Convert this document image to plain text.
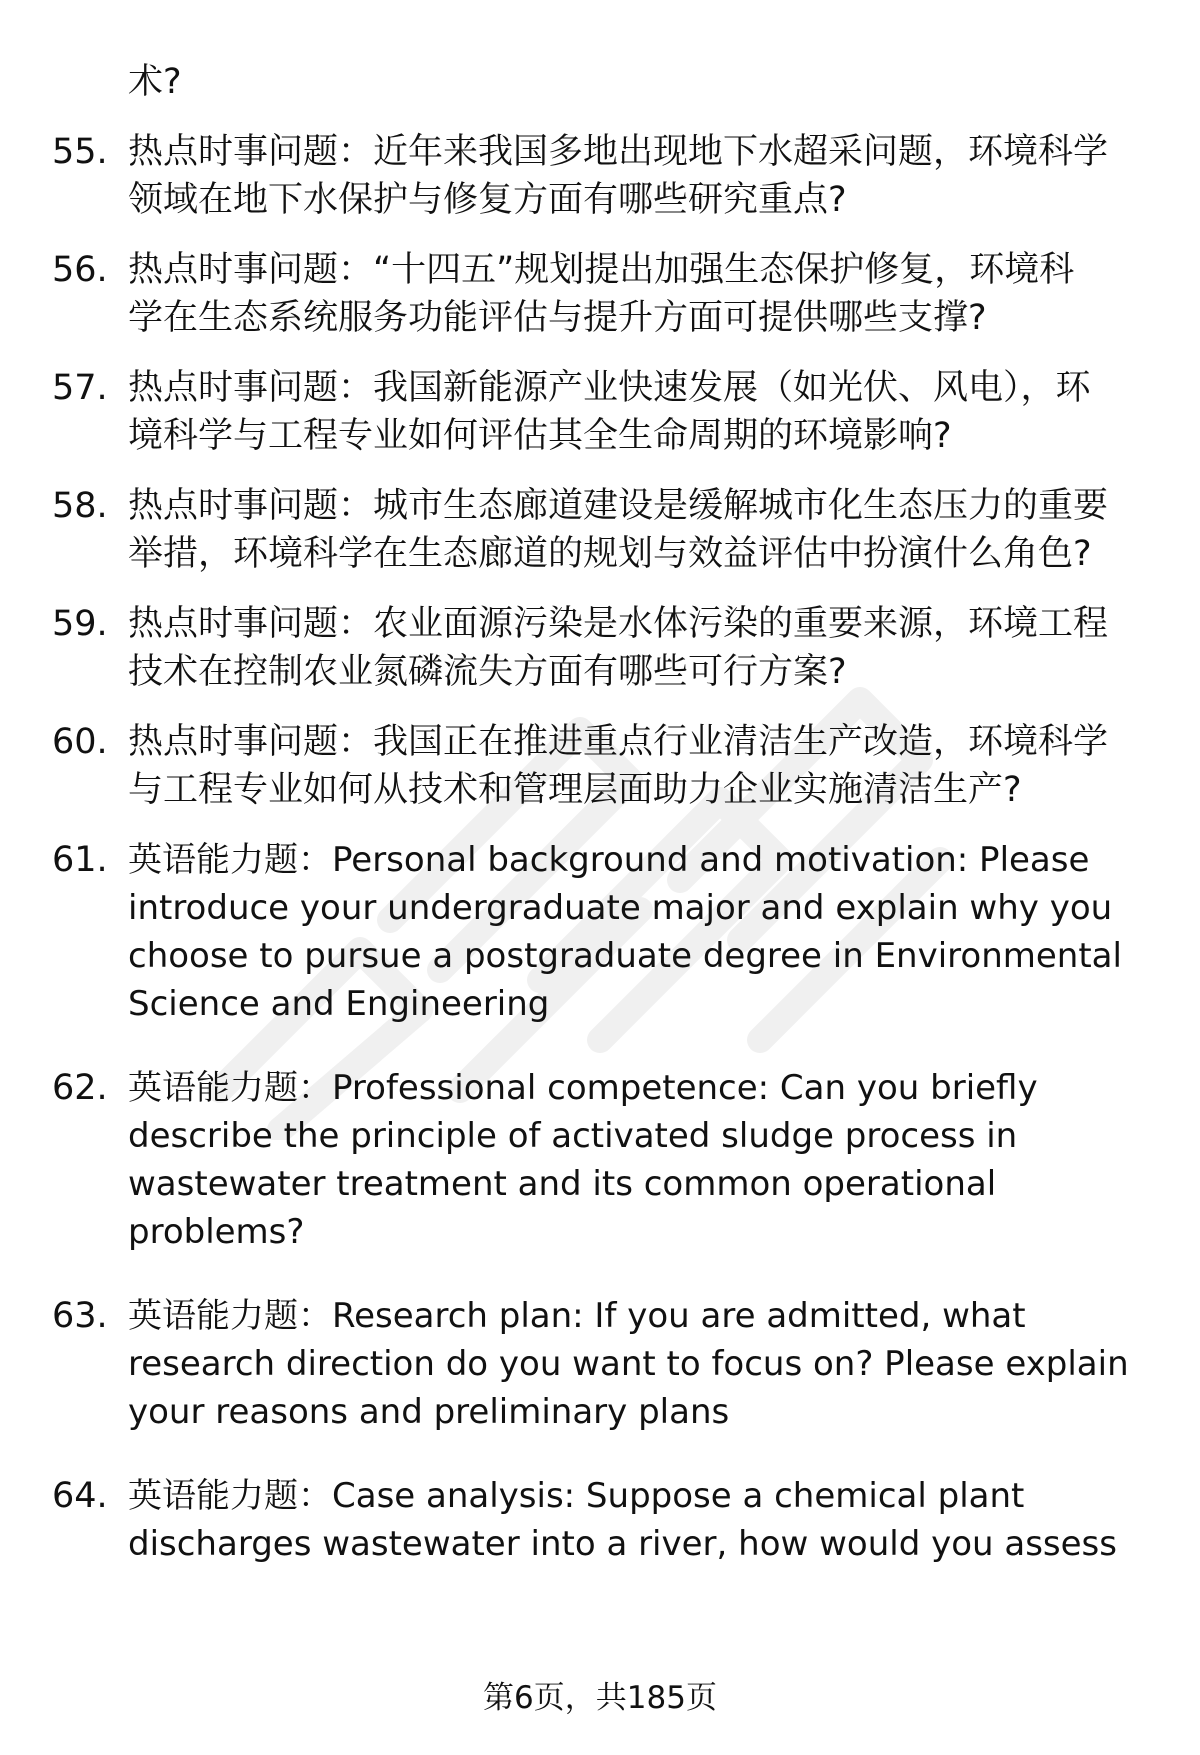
术?
55. 热点时事问题：近年来我国多地出现地下水超采问题，环境科学
领域在地下水保护与修复方面有哪些研究重点?
56. 热点时事问题：“十四五”规划提出加强生态保护修复，环境科
学在生态系统服务功能评估与提升方面可提供哪些支撑?
57. 热点时事问题：我国新能源产业快速发展（如光伏、风电），环
境科学与工程专业如何评估其全生命周期的环境影响?
58. 热点时事问题：城市生态廊道建设是缓解城市化生态压力的重要
举措，环境科学在生态廊道的规划与效益评估中扮演什么角色?
59. 热点时事问题：农业面源污染是水体污染的重要来源，环境工程
技术在控制农业氮磷流失方面有哪些可行方案?
60. 热点时事问题：我国正在推进重点行业清洁生产改造，环境科学
与工程专业如何从技术和管理层面助力企业实施清洁生产?
61. 英语能力题：Personal background and motivation: Please
introduce your undergraduate major and explain why you
choose to pursue a postgraduate degree in Environmental
Science and Engineering
62. 英语能力题：Professional competence: Can you briefly
describe the principle of activated sludge process in
wastewater treatment and its common operational
problems?
63. 英语能力题：Research plan: If you are admitted, what
research direction do you want to focus on? Please explain
your reasons and preliminary plans
64. 英语能力题：Case analysis: Suppose a chemical plant
discharges wastewater into a river, how would you assess
第6页，共185页
